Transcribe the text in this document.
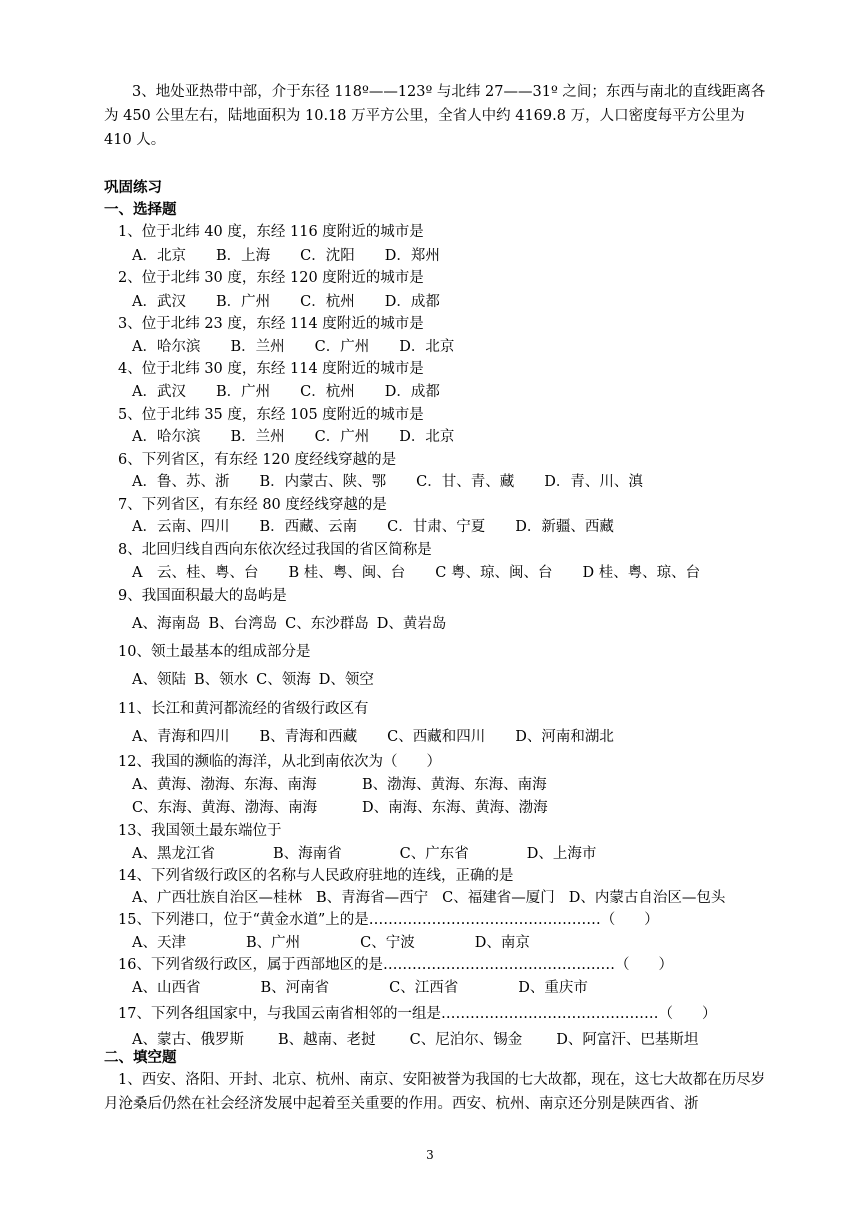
3、地处亚热带中部，介于东径 118º——123º 与北纬 27——31º 之间；东西与南北的直线距离各为 450 公里左右，陆地面积为 10.18 万平方公里，全省人中约 4169.8 万，人口密度每平方公里为 410 人。

巩固练习

一、选择题

1、位于北纬 40 度，东经 116 度附近的城市是

A．北京 B．上海 C．沈阳 D．郑州

2、位于北纬 30 度，东经 120 度附近的城市是

A．武汉 B．广州 C．杭州 D．成都

3、位于北纬 23 度，东经 114 度附近的城市是

A．哈尔滨 B．兰州 C．广州 D．北京

4、位于北纬 30 度，东经 114 度附近的城市是

A．武汉 B．广州 C．杭州 D．成都

5、位于北纬 35 度，东经 105 度附近的城市是

A．哈尔滨 B．兰州 C．广州 D．北京

6、下列省区，有东经 120 度经线穿越的是

A．鲁、苏、浙 B．内蒙古、陕、鄂 C．甘、青、藏 D．青、川、滇

7、下列省区，有东经 80 度经线穿越的是

A．云南、四川 B．西藏、云南 C．甘肃、宁夏 D．新疆、西藏

8、北回归线自西向东依次经过我国的省区简称是

A　云、桂、粤、台 B 桂、粤、闽、台 C 粤、琼、闽、台 D 桂、粤、琼、台

9、我国面积最大的岛屿是

A、海南岛 B、台湾岛 C、东沙群岛 D、黄岩岛

10、领土最基本的组成部分是

A、领陆 B、领水 C、领海 D、领空

11、长江和黄河都流经的省级行政区有

A、青海和四川 B、青海和西藏 C、西藏和四川 D、河南和湖北

12、我国的濒临的海洋，从北到南依次为（　　）

A、黄海、渤海、东海、南海	B、渤海、黄海、东海、南海

C、东海、黄海、渤海、南海	D、南海、东海、黄海、渤海

13、我国领土最东端位于

A、黑龙江省	B、海南省	C、广东省	D、上海市

14、下列省级行政区的名称与人民政府驻地的连线，正确的是

A、广西壮族自治区—桂林 B、青海省—西宁 C、福建省—厦门 D、内蒙古自治区—包头

15、下列港口，位于“黄金水道”上的是…………………………………………（　　）

A、天津	B、广州	C、宁波	D、南京

16、下列省级行政区，属于西部地区的是…………………………………………（　　）

A、山西省	B、河南省	C、江西省	D、重庆市

17、下列各组国家中，与我国云南省相邻的一组是………………………………………（　　）

A、蒙古、俄罗斯 B、越南、老挝 C、尼泊尔、锡金 D、阿富汗、巴基斯坦

二、填空题

1、西安、洛阳、开封、北京、杭州、南京、安阳被誉为我国的七大故都，现在，这七大故都在历尽岁月沧桑后仍然在社会经济发展中起着至关重要的作用。西安、杭州、南京还分别是陕西省、浙

3
